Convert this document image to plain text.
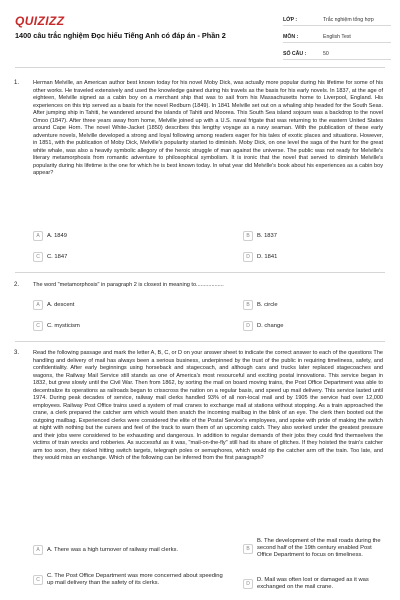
QUIZIZZ
1400 câu trắc nghiệm Đọc hiểu Tiếng Anh có đáp án - Phần 2
LỚP :	Trắc nghiệm tổng hợp
MÔN :	English Test
SỐ CÂU :	50
1.	Herman Melville, an American author best known today for his novel Moby Dick, was actually more popular during his lifetime for some of his other works. He traveled extensively and used the knowledge gained during his travels as the basis for his early novels. In 1837, at the age of eighteen, Melville signed as a cabin boy on a merchant ship that was to sail from his Massachusetts home to Liverpool, England. His experiences on this trip served as a basis for the novel Redburn (1849). In 1841 Melville set out on a whaling ship headed for the South Seas. After jumping ship in Tahiti, he wandered around the islands of Tahiti and Moorea. This South Sea island sojourn was a backdrop to the novel Omoo (1847). After three years away from home, Melville joined up with a U.S. naval frigate that was returning to the eastern United States around Cape Horn. The novel White-Jacket (1850) describes this lengthy voyage as a navy seaman. With the publication of these early adventure novels, Melville developed a strong and loyal following among readers eager for his tales of exotic places and situations. However, in 1851, with the publication of Moby Dick, Melville's popularity started to diminish. Moby Dick, on one level the saga of the hunt for the great white whale, was also a heavily symbolic allegory of the heroic struggle of man against the universe. The public was not ready for Melville's literary metamorphosis from romantic adventure to philosophical symbolism. It is ironic that the novel that served to diminish Melville's popularity during his lifetime is the one for which he is best known today. In what year did Melville's book about his experiences as a cabin boy appear?
A	A. 1849	B	B. 1837
C	C. 1847	D	D. 1841
2.	The word "metamorphosis" in paragraph 2 is closest in meaning to..................
A	A. descent	B	B. circle
C	C. mysticism	D	D. change
3.	Read the following passage and mark the letter A, B, C, or D on your answer sheet to indicate the correct answer to each of the questions The handling and delivery of mail has always been a serious business, underpinned by the trust of the public in requiring timeliness, safety, and confidentiality. After early beginnings using horseback and stagecoach, and although cars and trucks later replaced stagecoaches and wagons, the Railway Mail Service still stands as one of America's most resourceful and exciting postal innovations. This service began in 1832, but grew slowly until the Civil War. Then from 1862, by sorting the mail on board moving trains, the Post Office Department was able to decentralize its operations as railroads began to crisscross the nation on a regular basis, and speed up mail delivery. This service lasted until 1974. During peak decades of service, railway mail clerks handled 93% of all non-local mail and by 1905 the service had over 12,000 employees. Railway Post Office trains used a system of mail cranes to exchange mail at stations without stopping. As a train approached the crane, a clerk prepared the catcher arm which would then snatch the incoming mailbag in the blink of an eye. The clerk then booted out the outgoing mailbag. Experienced clerks were considered the elite of the Postal Service's employees, and spoke with pride of making the switch at night with nothing but the curves and feel of the track to warn them of an upcoming catch. They also worked under the greatest pressure and their jobs were considered to be exhausting and dangerous. In addition to regular demands of their jobs they could find themselves the victims of train wrecks and robberies. As successful as it was, "mail-on-the-fly" still had its share of glitches. If they hoisted the train's catcher arm too soon, they risked hitting switch targets, telegraph poles or semaphores, which would rip the catcher arm off the train. Too late, and they would miss an exchange. Which of the following can be inferred from the first paragraph?
A	A. There was a high turnover of railway mail clerks.	B
B. The development of the mail roads during the second half of the 19th century enabled Post Office Department to focus on timeliness.
C
C. The Post Office Department was more concerned about speeding up mail delivery than the safety of its clerks.	D
D. Mail was often lost or damaged as it was exchanged on the mail crane.
